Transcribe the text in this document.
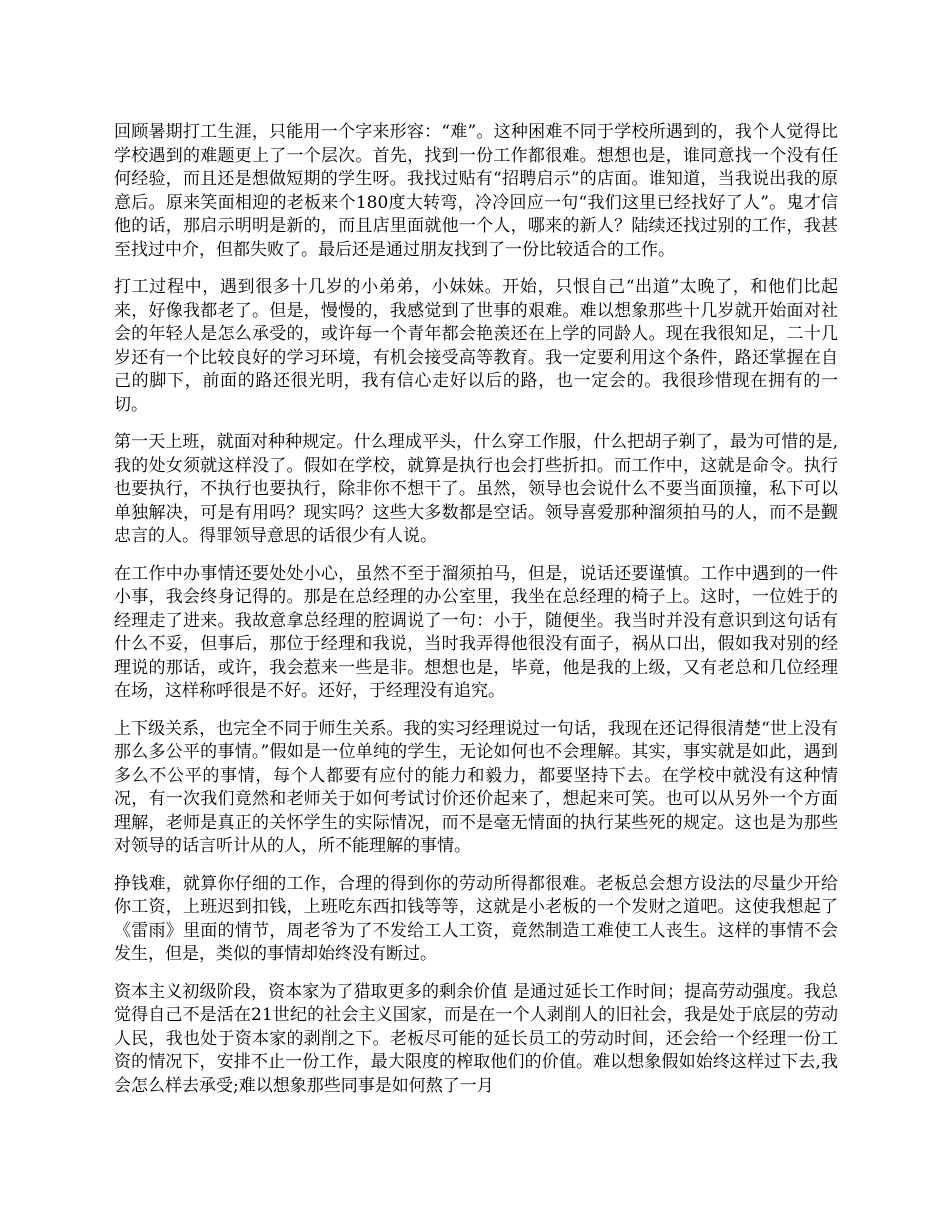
回顾暑期打工生涯，只能用一个字来形容：“难”。这种困难不同于学校所遇到的，我个人觉得比学校遇到的难题更上了一个层次。首先，找到一份工作都很难。想想也是，谁同意找一个没有任何经验，而且还是想做短期的学生呀。我找过贴有“招聘启示”的店面。谁知道，当我说出我的原意后。原来笑面相迎的老板来个180度大转弯，冷冷回应一句“我们这里已经找好了人”。鬼才信他的话，那启示明明是新的，而且店里面就他一个人，哪来的新人？陆续还找过别的工作，我甚至找过中介，但都失败了。最后还是通过朋友找到了一份比较适合的工作。

打工过程中，遇到很多十几岁的小弟弟，小妹妹。开始，只恨自己“出道”太晚了，和他们比起来，好像我都老了。但是，慢慢的，我感觉到了世事的艰难。难以想象那些十几岁就开始面对社会的年轻人是怎么承受的，或许每一个青年都会艳羡还在上学的同龄人。现在我很知足，二十几岁还有一个比较良好的学习环境，有机会接受高等教育。我一定要利用这个条件，路还掌握在自己的脚下，前面的路还很光明，我有信心走好以后的路，也一定会的。我很珍惜现在拥有的一切。

第一天上班，就面对种种规定。什么理成平头，什么穿工作服，什么把胡子剃了，最为可惜的是,我的处女须就这样没了。假如在学校，就算是执行也会打些折扣。而工作中，这就是命令。执行也要执行，不执行也要执行，除非你不想干了。虽然，领导也会说什么不要当面顶撞，私下可以单独解决，可是有用吗？现实吗？这些大多数都是空话。领导喜爱那种溜须拍马的人，而不是觐忠言的人。得罪领导意思的话很少有人说。

在工作中办事情还要处处小心，虽然不至于溜须拍马，但是，说话还要谨慎。工作中遇到的一件小事，我会终身记得的。那是在总经理的办公室里，我坐在总经理的椅子上。这时，一位姓于的经理走了进来。我故意拿总经理的腔调说了一句：小于，随便坐。我当时并没有意识到这句话有什么不妥，但事后，那位于经理和我说，当时我弄得他很没有面子，祸从口出，假如我对别的经理说的那话，或许，我会惹来一些是非。想想也是，毕竟，他是我的上级，又有老总和几位经理在场，这样称呼很是不好。还好，于经理没有追究。

上下级关系，也完全不同于师生关系。我的实习经理说过一句话，我现在还记得很清楚“世上没有那么多公平的事情。”假如是一位单纯的学生，无论如何也不会理解。其实，事实就是如此，遇到多么不公平的事情，每个人都要有应付的能力和毅力，都要坚持下去。在学校中就没有这种情况，有一次我们竟然和老师关于如何考试讨价还价起来了，想起来可笑。也可以从另外一个方面理解，老师是真正的关怀学生的实际情况，而不是毫无情面的执行某些死的规定。这也是为那些对领导的话言听计从的人，所不能理解的事情。

挣钱难，就算你仔细的工作，合理的得到你的劳动所得都很难。老板总会想方设法的尽量少开给你工资，上班迟到扣钱，上班吃东西扣钱等等，这就是小老板的一个发财之道吧。这使我想起了《雷雨》里面的情节，周老爷为了不发给工人工资，竟然制造工难使工人丧生。这样的事情不会发生，但是，类似的事情却始终没有断过。

资本主义初级阶段，资本家为了猎取更多的剩余价值 是通过延长工作时间；提高劳动强度。我总觉得自己不是活在21世纪的社会主义国家，而是在一个人剥削人的旧社会，我是处于底层的劳动人民，我也处于资本家的剥削之下。老板尽可能的延长员工的劳动时间，还会给一个经理一份工资的情况下，安排不止一份工作，最大限度的榨取他们的价值。难以想象假如始终这样过下去,我会怎么样去承受;难以想象那些同事是如何熬了一月
